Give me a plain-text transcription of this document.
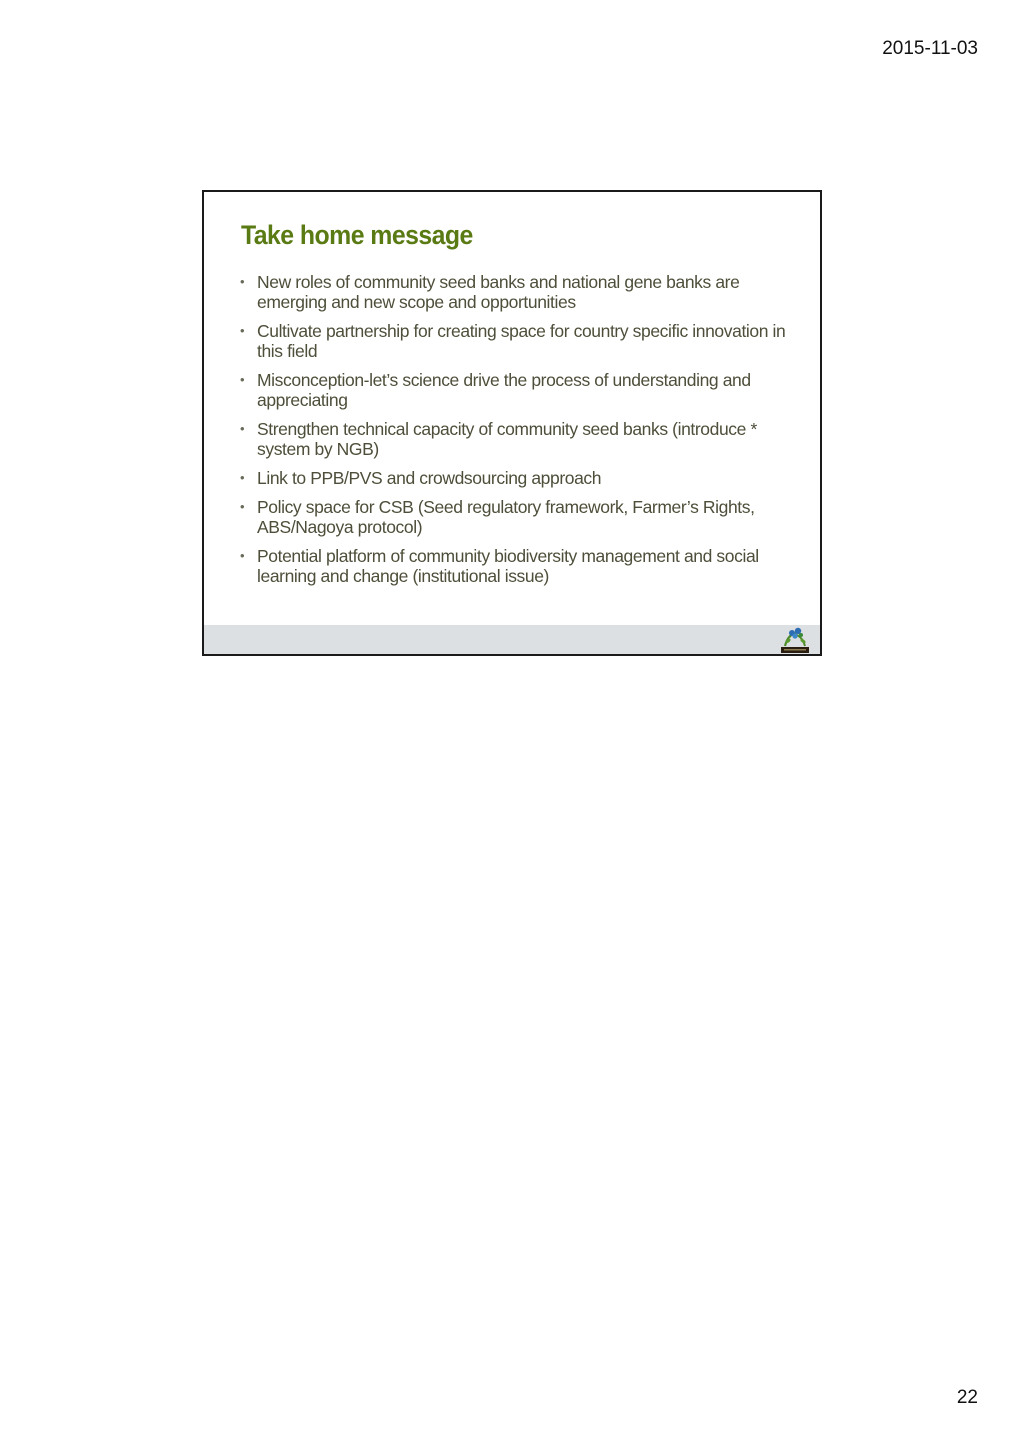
2015-11-03
Take home message
• New roles of community seed banks and national gene banks are emerging and new scope and opportunities
• Cultivate partnership for creating space for country specific innovation in this field
• Misconception-let’s science drive the process of understanding and appreciating
• Strengthen technical capacity of community seed banks (introduce * system by NGB)
• Link to PPB/PVS and crowdsourcing approach
• Policy space for CSB (Seed regulatory framework, Farmer’s Rights, ABS/Nagoya protocol)
• Potential platform of community biodiversity management and social learning and change (institutional issue)
22
